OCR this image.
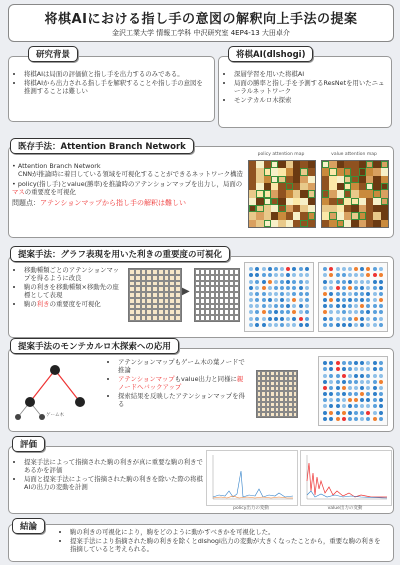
将棋AIにおける指し手の意図の解釈向上手法の提案
金沢工業大学 情報工学科 中沢研究室 4EP4-13 大田卓介
研究背景
• 将棋AIは局面の評価値と指し手を出力するのみである。
• 将棋AIから出力される指し手を解釈することや指し手の意図を推測することは難しい
将棋AI(dlshogi)
• 深層学習を用いた将棋AI
• 局面の勝率と指し手を予測するResNetを用いたニューラルネットワーク
• モンテカルロ木探索
既存手法：Attention Branch Network
• Attention Branch Network
CNNが推論時に着目している領域を可視化することができるネットワーク構造
• policy(指し手)とvalue(勝率)を推論時のアテンションマップを出力し，局面のマスの重要度を可視化
問題点：アテンションマップから指し手の解釈は難しい
policy attention map	value attention map
提案手法：グラフ表現を用いた利きの重要度の可視化
• 移動種類ごとのアテンションマップを得るように改良
• 駒の利きを移動種類×移動先の座標として表現
• 駒の利きの重要度を可視化
▶
提案手法のモンテカルロ木探索への応用
ゲーム木
• アテンションマップもゲーム木の葉ノードで推論
• アテンションマップもvalue出力と同様に親ノードへバックアップ
• 探索結果を反映したアテンションマップを得る
評価
• 提案手法によって指摘された駒の利きが真に重要な駒の利きであるかを評価
• 局面と提案手法によって指摘された駒の利きを除いた際の将棋AIの出力の変動を計測
policy出力の変動	value出力の変動
結論
•	駒の利きの可視化により，駒をどのように動かすべきかを可視化した。
• 提案手法により指摘された駒の利きを除くとdlshogi出力の変動が大きくなったことから，重要な駒の利きを指摘していると考えられる。
